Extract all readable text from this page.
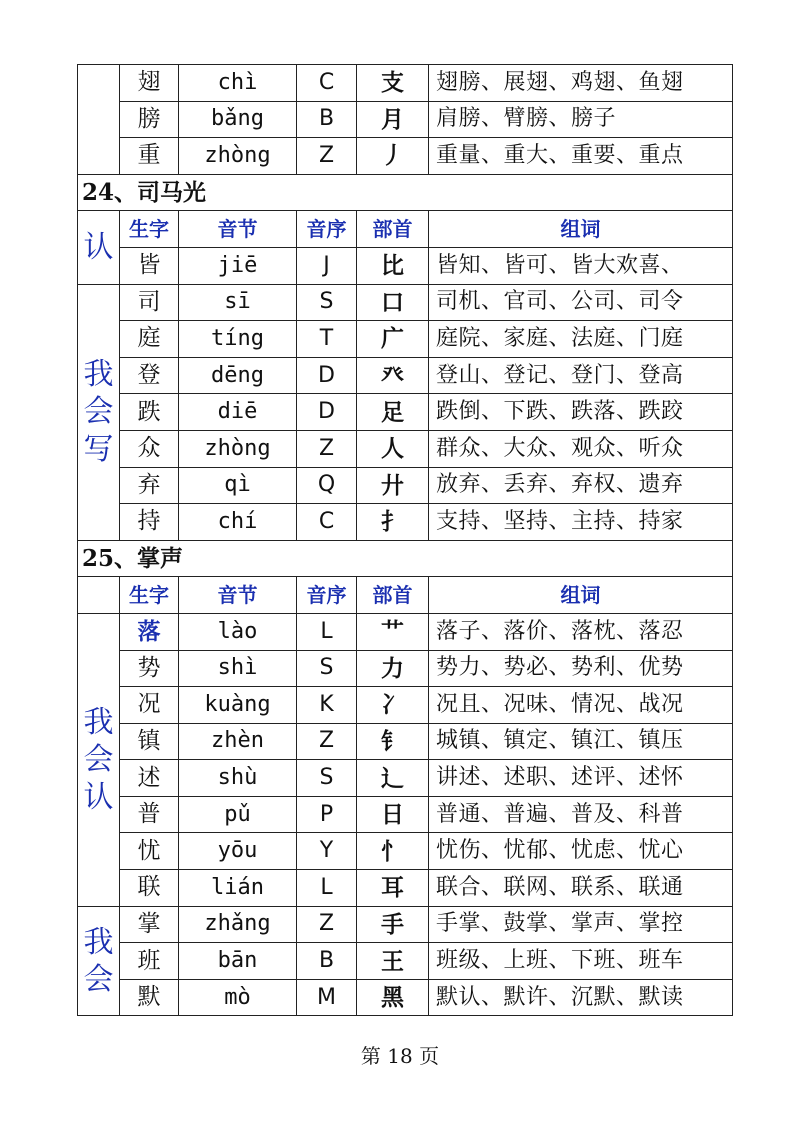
	翅	chì	C	支	翅膀、展翅、鸡翅、鱼翅
	膀	bǎng	B	月	肩膀、臂膀、膀子
	重	zhòng	Z	丿	重量、重大、重要、重点
24、司马光					
认	生字	音节	音序	部首	组词
	皆	jiē	J	比	皆知、皆可、皆大欢喜、
我会写	司	sī	S	口	司机、官司、公司、司令
	庭	tíng	T	广	庭院、家庭、法庭、门庭
	登	dēng	D	癶	登山、登记、登门、登高
	跌	diē	D	足	跌倒、下跌、跌落、跌跤
	众	zhòng	Z	人	群众、大众、观众、听众
	弃	qì	Q	廾	放弃、丢弃、弃权、遗弃
	持	chí	C	扌	支持、坚持、主持、持家
25、掌声					
	生字	音节	音序	部首	组词
我会认	落	lào	L	艹	落子、落价、落枕、落忍
	势	shì	S	力	势力、势必、势利、优势
	况	kuàng	K	冫	况且、况味、情况、战况
	镇	zhèn	Z	钅	城镇、镇定、镇江、镇压
	述	shù	S	辶	讲述、述职、述评、述怀
	普	pǔ	P	日	普通、普遍、普及、科普
	忧	yōu	Y	忄	忧伤、忧郁、忧虑、忧心
	联	lián	L	耳	联合、联网、联系、联通
我会	掌	zhǎng	Z	手	手掌、鼓掌、掌声、掌控
	班	bān	B	王	班级、上班、下班、班车
	默	mò	M	黑	默认、默许、沉默、默读
第 18 页
